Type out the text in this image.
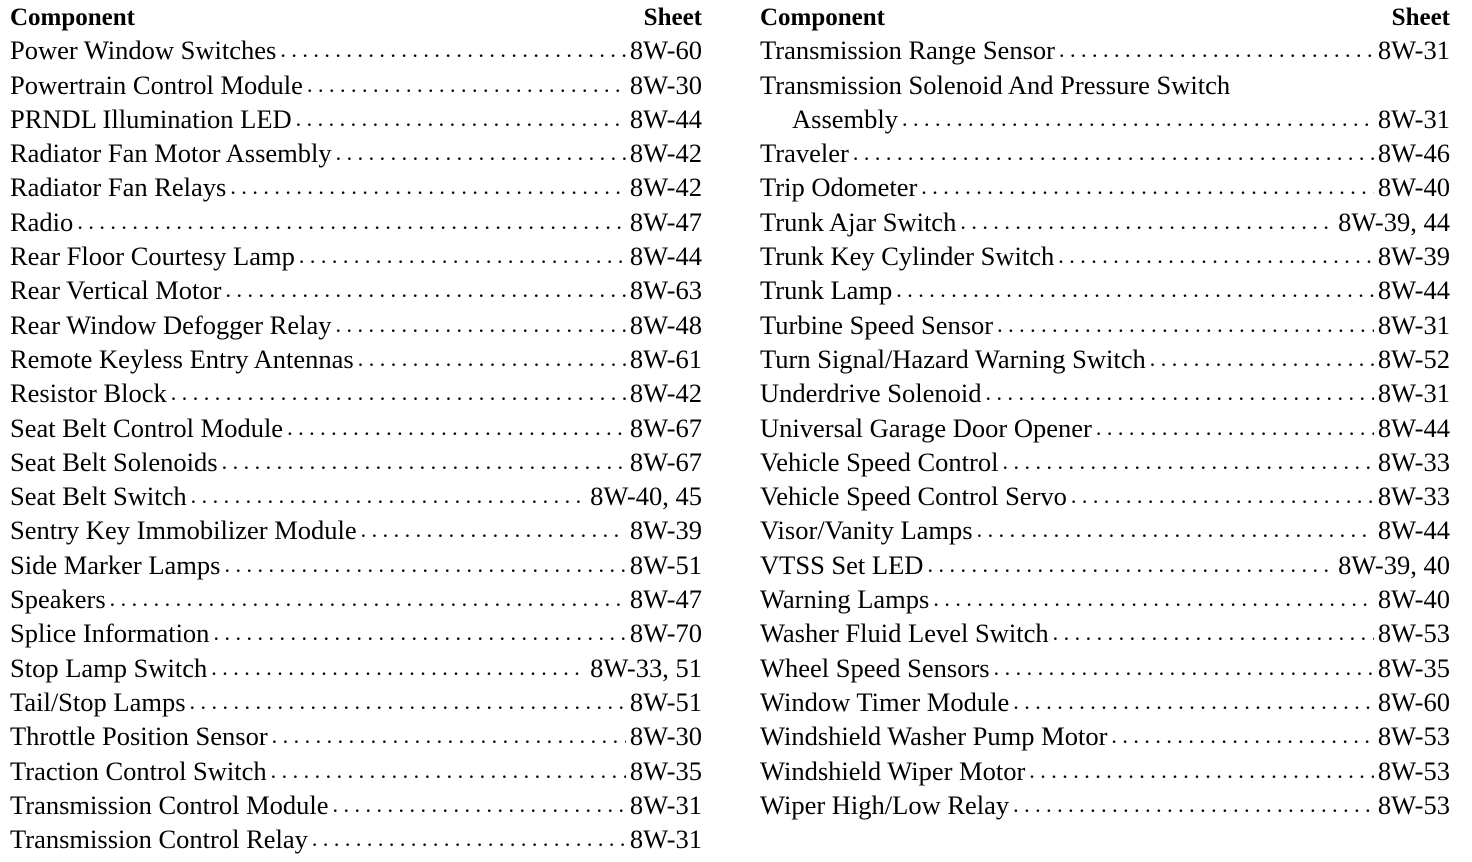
Component	Sheet
Power Window Switches . . .	8W-60
Powertrain Control Module . . .	8W-30
PRNDL Illumination LED . . .	8W-44
Radiator Fan Motor Assembly . . .	8W-42
Radiator Fan Relays . . .	8W-42
Radio . . .	8W-47
Rear Floor Courtesy Lamp . . .	8W-44
Rear Vertical Motor . . .	8W-63
Rear Window Defogger Relay . . .	8W-48
Remote Keyless Entry Antennas . . .	8W-61
Resistor Block . . .	8W-42
Seat Belt Control Module . . .	8W-67
Seat Belt Solenoids . . .	8W-67
Seat Belt Switch . . .	8W-40, 45
Sentry Key Immobilizer Module . . .	8W-39
Side Marker Lamps . . .	8W-51
Speakers . . .	8W-47
Splice Information . . .	8W-70
Stop Lamp Switch . . .	8W-33, 51
Tail/Stop Lamps . . .	8W-51
Throttle Position Sensor . . .	8W-30
Traction Control Switch . . .	8W-35
Transmission Control Module . . .	8W-31
Transmission Control Relay . . .	8W-31
Component	Sheet
Transmission Range Sensor . . .	8W-31
Transmission Solenoid And Pressure Switch
Assembly . . .	8W-31
Traveler . . .	8W-46
Trip Odometer . . .	8W-40
Trunk Ajar Switch . . .	8W-39, 44
Trunk Key Cylinder Switch . . .	8W-39
Trunk Lamp . . .	8W-44
Turbine Speed Sensor . . .	8W-31
Turn Signal/Hazard Warning Switch . . .	8W-52
Underdrive Solenoid . . .	8W-31
Universal Garage Door Opener . . .	8W-44
Vehicle Speed Control . . .	8W-33
Vehicle Speed Control Servo . . .	8W-33
Visor/Vanity Lamps . . .	8W-44
VTSS Set LED . . .	8W-39, 40
Warning Lamps . . .	8W-40
Washer Fluid Level Switch . . .	8W-53
Wheel Speed Sensors . . .	8W-35
Window Timer Module . . .	8W-60
Windshield Washer Pump Motor . . .	8W-53
Windshield Wiper Motor . . .	8W-53
Wiper High/Low Relay . . .	8W-53
